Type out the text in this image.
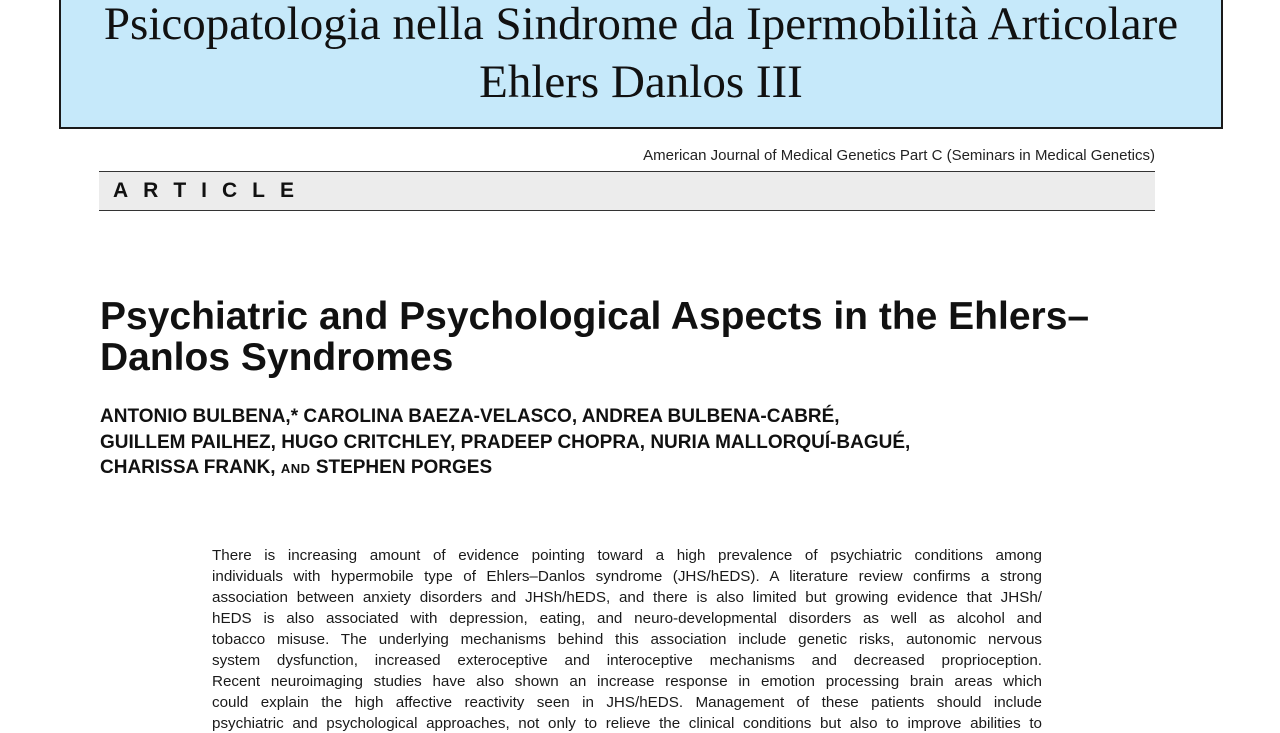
Psicopatologia nella Sindrome da Ipermobilità Articolare
Ehlers Danlos III
American Journal of Medical Genetics Part C (Seminars in Medical Genetics)
ARTICLE
Psychiatric and Psychological Aspects in the Ehlers–Danlos Syndromes
ANTONIO BULBENA,* CAROLINA BAEZA-VELASCO, ANDREA BULBENA-CABRÉ,
GUILLEM PAILHEZ, HUGO CRITCHLEY, PRADEEP CHOPRA, NURIA MALLORQUÍ-BAGUÉ,
CHARISSA FRANK, AND STEPHEN PORGES
There is increasing amount of evidence pointing toward a high prevalence of psychiatric conditions among
individuals with hypermobile type of Ehlers–Danlos syndrome (JHS/hEDS). A literature review confirms a strong
association between anxiety disorders and JHSh/hEDS, and there is also limited but growing evidence that JHSh/
hEDS is also associated with depression, eating, and neuro-developmental disorders as well as alcohol and
tobacco misuse. The underlying mechanisms behind this association include genetic risks, autonomic nervous
system dysfunction, increased exteroceptive and interoceptive mechanisms and decreased proprioception.
Recent neuroimaging studies have also shown an increase response in emotion processing brain areas which
could explain the high affective reactivity seen in JHS/hEDS. Management of these patients should include
psychiatric and psychological approaches, not only to relieve the clinical conditions but also to improve abilities to
